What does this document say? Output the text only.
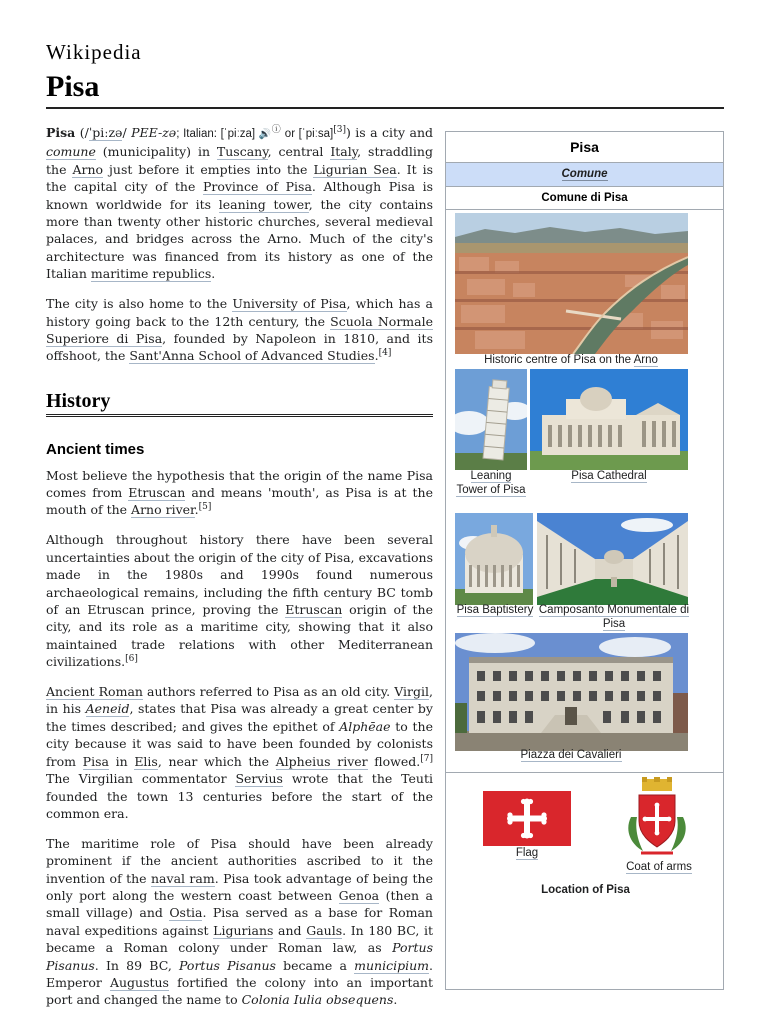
Wikipedia
Pisa

Pisa (/ˈpiːzə/ PEE-zə; Italian: [ˈpiːza] 🔊ⓘ or [ˈpiːsa][3]) is a city and comune (municipality) in Tuscany, central Italy, straddling the Arno just before it empties into the Ligurian Sea. It is the capital city of the Province of Pisa. Although Pisa is known worldwide for its leaning tower, the city contains more than twenty other historic churches, several medieval palaces, and bridges across the Arno. Much of the city's architecture was financed from its history as one of the Italian maritime republics.

The city is also home to the University of Pisa, which has a history going back to the 12th century, the Scuola Normale Superiore di Pisa, founded by Napoleon in 1810, and its offshoot, the Sant'Anna School of Advanced Studies.[4]

History
Ancient times

Most believe the hypothesis that the origin of the name Pisa comes from Etruscan and means 'mouth', as Pisa is at the mouth of the Arno river.[5]

Although throughout history there have been several uncertainties about the origin of the city of Pisa, excavations made in the 1980s and 1990s found numerous archaeological remains, including the fifth century BC tomb of an Etruscan prince, proving the Etruscan origin of the city, and its role as a maritime city, showing that it also maintained trade relations with other Mediterranean civilizations.[6]

Ancient Roman authors referred to Pisa as an old city. Virgil, in his Aeneid, states that Pisa was already a great center by the times described; and gives the epithet of Alphēae to the city because it was said to have been founded by colonists from Pisa in Elis, near which the Alpheius river flowed.[7] The Virgilian commentator Servius wrote that the Teuti founded the town 13 centuries before the start of the common era.

The maritime role of Pisa should have been already prominent if the ancient authorities ascribed to it the invention of the naval ram. Pisa took advantage of being the only port along the western coast between Genoa (then a small village) and Ostia. Pisa served as a base for Roman naval expeditions against Ligurians and Gauls. In 180 BC, it became a Roman colony under Roman law, as Portus Pisanus. In 89 BC, Portus Pisanus became a municipium. Emperor Augustus fortified the colony into an important port and changed the name to Colonia Iulia obsequens.

Pisa
Comune
Comune di Pisa
Historic centre of Pisa on the Arno
Leaning Tower of Pisa
Pisa Cathedral
Pisa Baptistery Camposanto Monumentale di Pisa
Piazza dei Cavalieri
Flag
Coat of arms
Location of Pisa
